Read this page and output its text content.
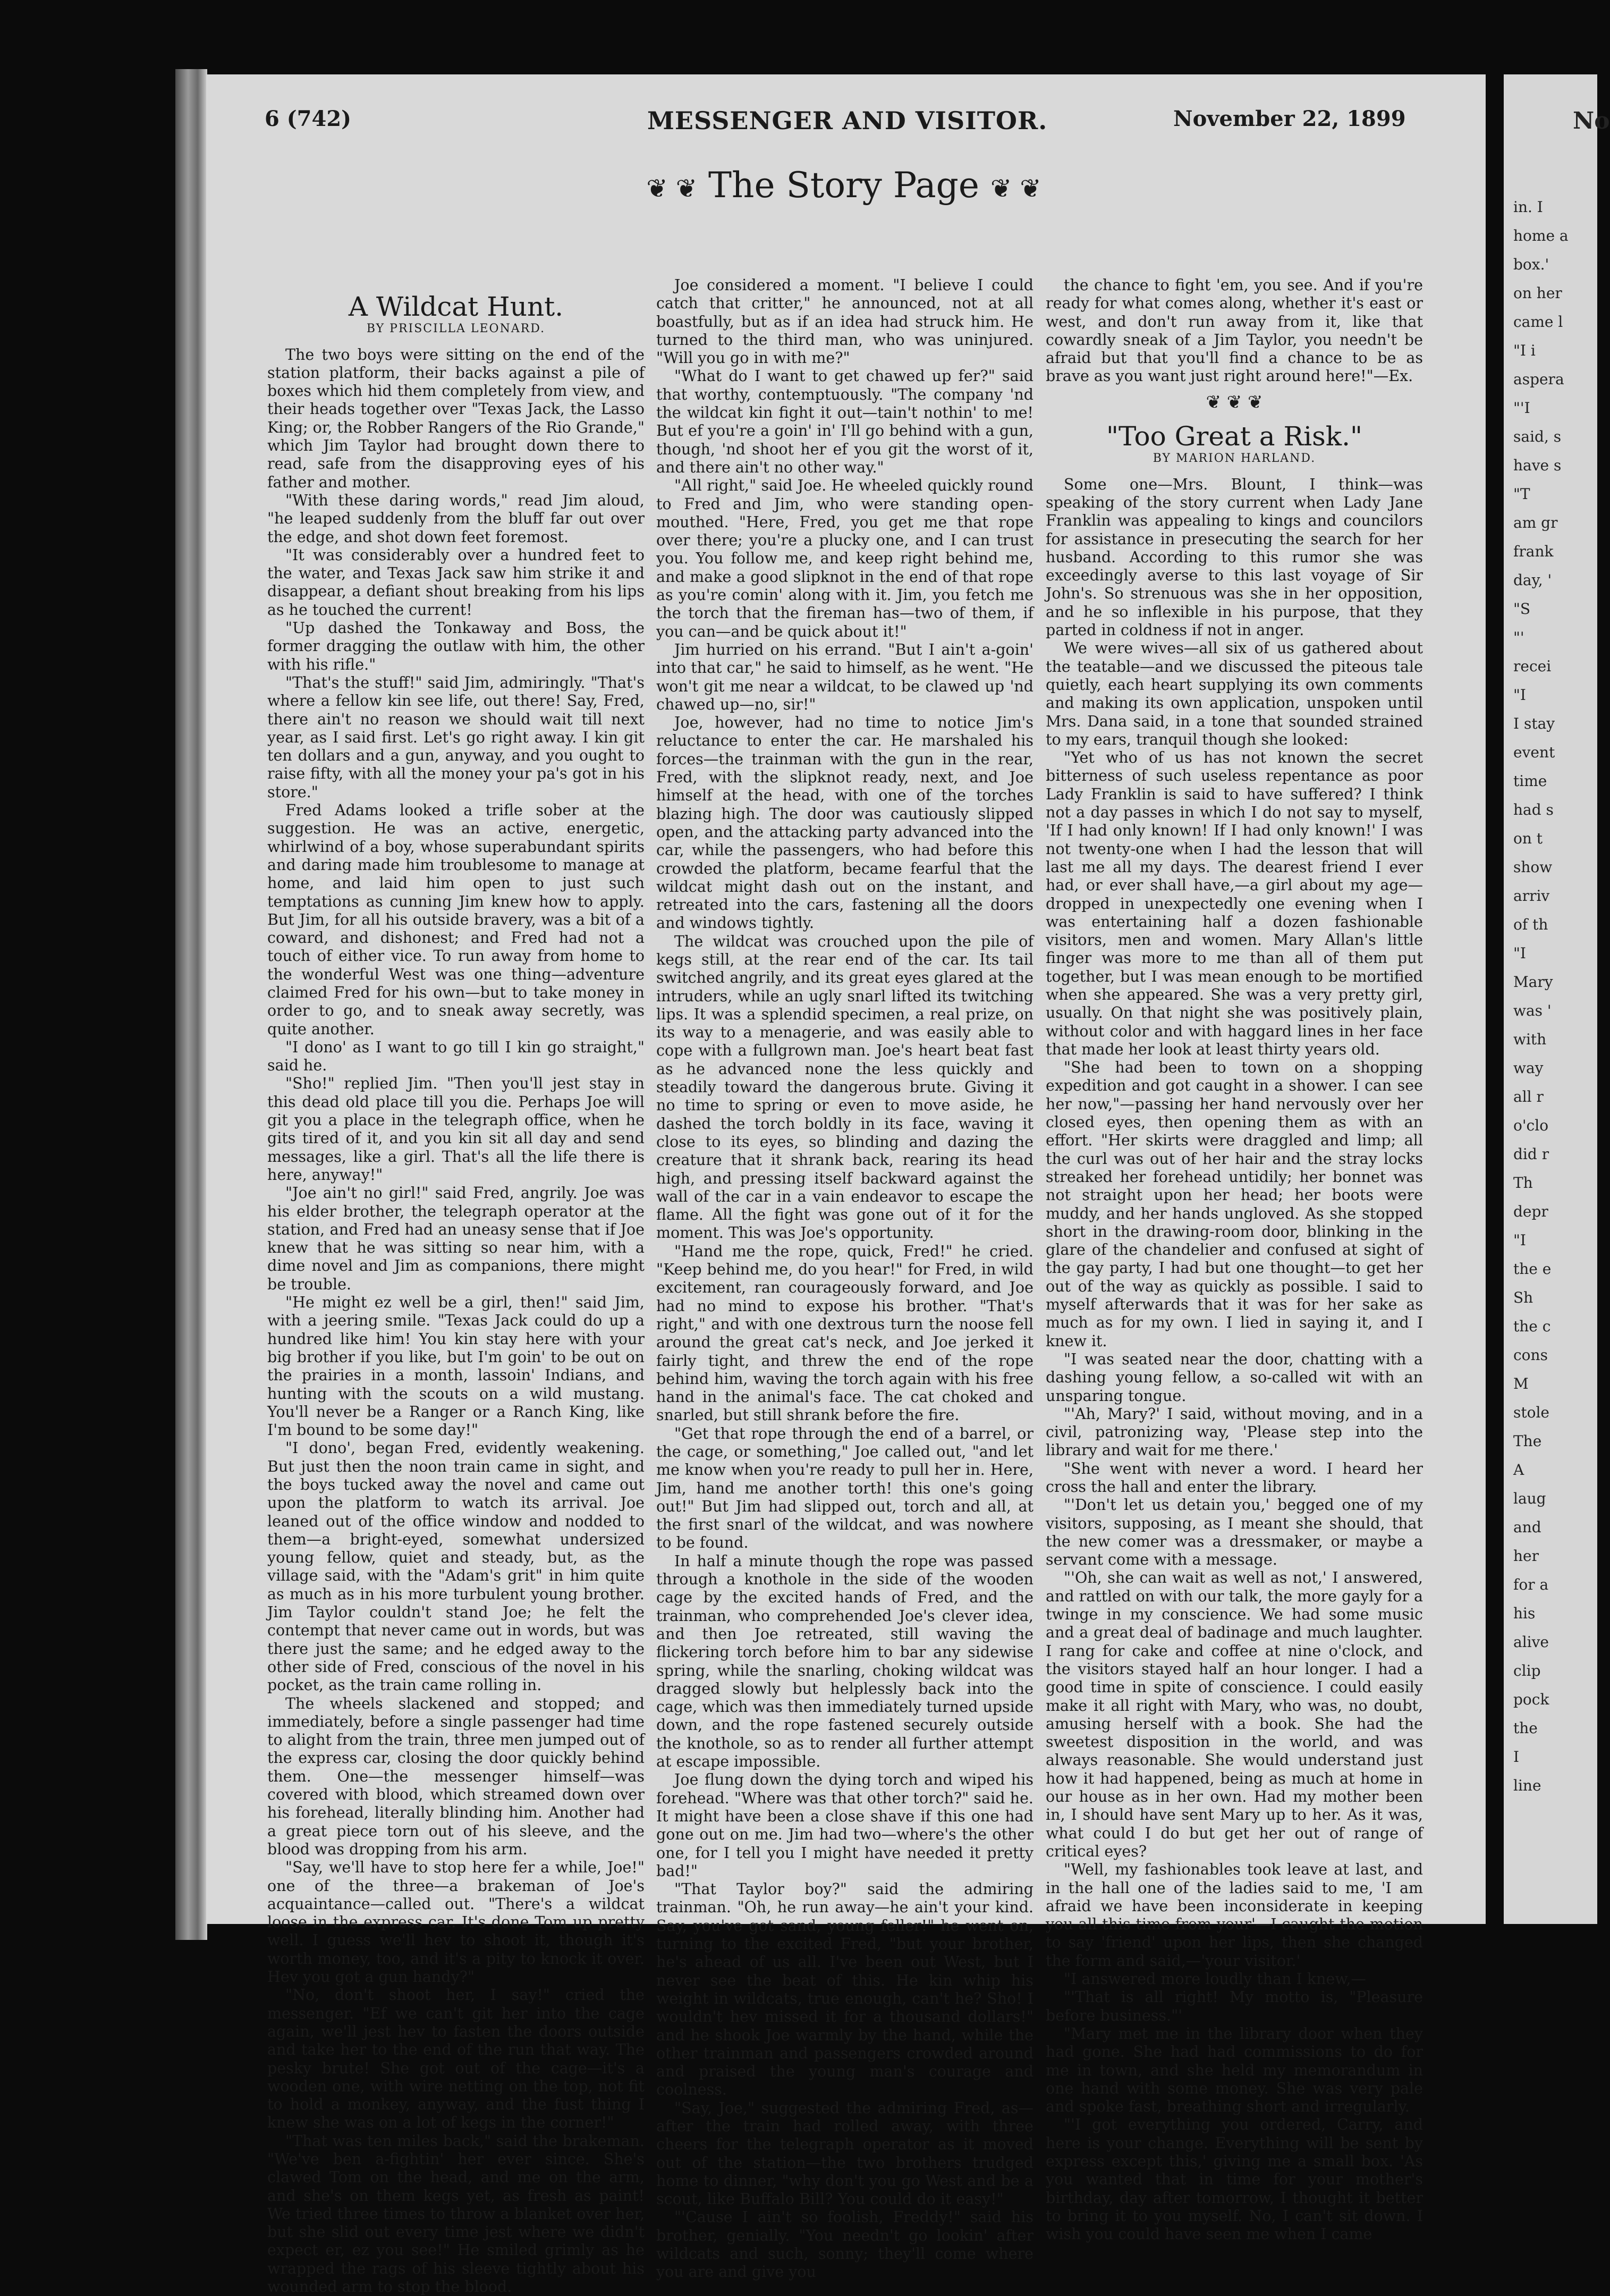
6 (742)	MESSENGER AND VISITOR.	November 22, 1899
❦ ❦ The Story Page ❦ ❦
A Wildcat Hunt.
BY PRISCILLA LEONARD.

The two boys were sitting on the end of the station platform, their backs against a pile of boxes which hid them completely from view, and their heads together over "Texas Jack, the Lasso King; or, the Robber Rangers of the Rio Grande," which Jim Taylor had brought down there to read, safe from the disapproving eyes of his father and mother.

"With these daring words," read Jim aloud, "he leaped suddenly from the bluff far out over the edge, and shot down feet foremost.

"It was considerably over a hundred feet to the water, and Texas Jack saw him strike it and disappear, a defiant shout breaking from his lips as he touched the current!

"Up dashed the Tonkaway and Boss, the former dragging the outlaw with him, the other with his rifle."

"That's the stuff!" said Jim, admiringly. "That's where a fellow kin see life, out there! Say, Fred, there ain't no reason we should wait till next year, as I said first. Let's go right away. I kin git ten dollars and a gun, anyway, and you ought to raise fifty, with all the money your pa's got in his store."

Fred Adams looked a trifle sober at the suggestion. He was an active, energetic, whirlwind of a boy, whose superabundant spirits and daring made him troublesome to manage at home, and laid him open to just such temptations as cunning Jim knew how to apply. But Jim, for all his outside bravery, was a bit of a coward, and dishonest; and Fred had not a touch of either vice. To run away from home to the wonderful West was one thing—adventure claimed Fred for his own—but to take money in order to go, and to sneak away secretly, was quite another.

"I dono' as I want to go till I kin go straight," said he.

"Sho!" replied Jim. "Then you'll jest stay in this dead old place till you die. Perhaps Joe will git you a place in the telegraph office, when he gits tired of it, and you kin sit all day and send messages, like a girl. That's all the life there is here, anyway!"

"Joe ain't no girl!" said Fred, angrily. Joe was his elder brother, the telegraph operator at the station, and Fred had an uneasy sense that if Joe knew that he was sitting so near him, with a dime novel and Jim as companions, there might be trouble.

"He might ez well be a girl, then!" said Jim, with a jeering smile. "Texas Jack could do up a hundred like him! You kin stay here with your big brother if you like, but I'm goin' to be out on the prairies in a month, lassoin' Indians, and hunting with the scouts on a wild mustang. You'll never be a Ranger or a Ranch King, like I'm bound to be some day!"

"I dono', began Fred, evidently weakening. But just then the noon train came in sight, and the boys tucked away the novel and came out upon the platform to watch its arrival. Joe leaned out of the office window and nodded to them—a bright-eyed, somewhat undersized young fellow, quiet and steady, but, as the village said, with the "Adam's grit" in him quite as much as in his more turbulent young brother. Jim Taylor couldn't stand Joe; he felt the contempt that never came out in words, but was there just the same; and he edged away to the other side of Fred, conscious of the novel in his pocket, as the train came rolling in.

The wheels slackened and stopped; and immediately, before a single passenger had time to alight from the train, three men jumped out of the express car, closing the door quickly behind them. One—the messenger himself—was covered with blood, which streamed down over his forehead, literally blinding him. Another had a great piece torn out of his sleeve, and the blood was dropping from his arm.

"Say, we'll have to stop here fer a while, Joe!" one of the three—a brakeman of Joe's acquaintance—called out. "There's a wildcat loose in the express car. It's done Tom up pretty well. I guess we'll hev to shoot it, though it's worth money, too, and it's a pity to knock it over. Hev you got a gun handy?"

"No, don't shoot her, I say!" cried the messenger. "Ef we can't git her into the cage again, we'll jest hev to fasten the doors outside and take her to the end of the run that way. The pesky brute! She got out of the cage—it's a wooden one, with wire netting on the top, not fit to hold a monkey, anyway, and the fust thing I knew she was on a lot of kegs in the corner!"

"That was ten miles back," said the brakeman. "We've ben a-fightin' her ever since. She's clawed Tom on the head, and me on the arm, and she's on them kegs yet, as fresh as paint! We tried three times to throw a blanket over her, but she slid out every time jest where we didn't expect er, ez you see!" He smiled grimly as he wrapped the rags of his sleeve tightly about his wounded arm to stop the blood.

Joe considered a moment. "I believe I could catch that critter," he announced, not at all boastfully, but as if an idea had struck him. He turned to the third man, who was uninjured. "Will you go in with me?"

"What do I want to get chawed up fer?" said that worthy, contemptuously. "The company 'nd the wildcat kin fight it out—tain't nothin' to me! But ef you're a goin' in' I'll go behind with a gun, though, 'nd shoot her ef you git the worst of it, and there ain't no other way."

"All right," said Joe. He wheeled quickly round to Fred and Jim, who were standing open-mouthed. "Here, Fred, you get me that rope over there; you're a plucky one, and I can trust you. You follow me, and keep right behind me, and make a good slipknot in the end of that rope as you're comin' along with it. Jim, you fetch me the torch that the fireman has—two of them, if you can—and be quick about it!"

Jim hurried on his errand. "But I ain't a-goin' into that car," he said to himself, as he went. "He won't git me near a wildcat, to be clawed up 'nd chawed up—no, sir!"

Joe, however, had no time to notice Jim's reluctance to enter the car. He marshaled his forces—the trainman with the gun in the rear, Fred, with the slipknot ready, next, and Joe himself at the head, with one of the torches blazing high. The door was cautiously slipped open, and the attacking party advanced into the car, while the passengers, who had before this crowded the platform, became fearful that the wildcat might dash out on the instant, and retreated into the cars, fastening all the doors and windows tightly.

The wildcat was crouched upon the pile of kegs still, at the rear end of the car. Its tail switched angrily, and its great eyes glared at the intruders, while an ugly snarl lifted its twitching lips. It was a splendid specimen, a real prize, on its way to a menagerie, and was easily able to cope with a fullgrown man. Joe's heart beat fast as he advanced none the less quickly and steadily toward the dangerous brute. Giving it no time to spring or even to move aside, he dashed the torch boldly in its face, waving it close to its eyes, so blinding and dazing the creature that it shrank back, rearing its head high, and pressing itself backward against the wall of the car in a vain endeavor to escape the flame. All the fight was gone out of it for the moment. This was Joe's opportunity.

"Hand me the rope, quick, Fred!" he cried. "Keep behind me, do you hear!" for Fred, in wild excitement, ran courageously forward, and Joe had no mind to expose his brother. "That's right," and with one dextrous turn the noose fell around the great cat's neck, and Joe jerked it fairly tight, and threw the end of the rope behind him, waving the torch again with his free hand in the animal's face. The cat choked and snarled, but still shrank before the fire.

"Get that rope through the end of a barrel, or the cage, or something," Joe called out, "and let me know when you're ready to pull her in. Here, Jim, hand me another torth! this one's going out!" But Jim had slipped out, torch and all, at the first snarl of the wildcat, and was nowhere to be found.

In half a minute though the rope was passed through a knothole in the side of the wooden cage by the excited hands of Fred, and the trainman, who comprehended Joe's clever idea, and then Joe retreated, still waving the flickering torch before him to bar any sidewise spring, while the snarling, choking wildcat was dragged slowly but helplessly back into the cage, which was then immediately turned upside down, and the rope fastened securely outside the knothole, so as to render all further attempt at escape impossible.

Joe flung down the dying torch and wiped his forehead. "Where was that other torch?" said he. It might have been a close shave if this one had gone out on me. Jim had two—where's the other one, for I tell you I might have needed it pretty bad!"

"That Taylor boy?" said the admiring trainman. "Oh, he run away—he ain't your kind. Say, you've got sand, young feller!" he went on, turning to the excited Fred, "but your brother, he's ahead of us all. I've been out West, but I never see the beat of this. He kin whip his weight in wildcats, true enough, can't he? Sho! I wouldn't hev missed it for a thousand dollars!" and he shook Joe warmly by the hand, while the other trainman and passengers crowded around and praised the young man's courage and coolness.

"Say, Joe," suggested the admiring Fred, as—after the train had rolled away, with three cheers for the telegraph operator as it moved out of the station—the two brothers trudged home to dinner, "why don't you go West and be a scout, like Buffalo Bill? You could do it easy!"

"'Cause I ain't so foolish, Freddy!" said his brother, genially. "You needn't go lookin' after wildcats and such, sonny; they'll come where you are and give you

the chance to fight 'em, you see. And if you're ready for what comes along, whether it's east or west, and don't run away from it, like that cowardly sneak of a Jim Taylor, you needn't be afraid but that you'll find a chance to be as brave as you want just right around here!"—Ex.

❦ ❦ ❦
"Too Great a Risk."
BY MARION HARLAND.

Some one—Mrs. Blount, I think—was speaking of the story current when Lady Jane Franklin was appealing to kings and councilors for assistance in presecuting the search for her husband. According to this rumor she was exceedingly averse to this last voyage of Sir John's. So strenuous was she in her opposition, and he so inflexible in his purpose, that they parted in coldness if not in anger.

We were wives—all six of us gathered about the teatable—and we discussed the piteous tale quietly, each heart supplying its own comments and making its own application, unspoken until Mrs. Dana said, in a tone that sounded strained to my ears, tranquil though she looked:

"Yet who of us has not known the secret bitterness of such useless repentance as poor Lady Franklin is said to have suffered? I think not a day passes in which I do not say to myself, 'If I had only known! If I had only known!' I was not twenty-one when I had the lesson that will last me all my days. The dearest friend I ever had, or ever shall have,—a girl about my age—dropped in unexpectedly one evening when I was entertaining half a dozen fashionable visitors, men and women. Mary Allan's little finger was more to me than all of them put together, but I was mean enough to be mortified when she appeared. She was a very pretty girl, usually. On that night she was positively plain, without color and with haggard lines in her face that made her look at least thirty years old.

"She had been to town on a shopping expedition and got caught in a shower. I can see her now,"—passing her hand nervously over her closed eyes, then opening them as with an effort. "Her skirts were draggled and limp; all the curl was out of her hair and the stray locks streaked her forehead untidily; her bonnet was not straight upon her head; her boots were muddy, and her hands ungloved. As she stopped short in the drawing-room door, blinking in the glare of the chandelier and confused at sight of the gay party, I had but one thought—to get her out of the way as quickly as possible. I said to myself afterwards that it was for her sake as much as for my own. I lied in saying it, and I knew it.

"I was seated near the door, chatting with a dashing young fellow, a so-called wit with an unsparing tongue.

"'Ah, Mary?' I said, without moving, and in a civil, patronizing way, 'Please step into the library and wait for me there.'

"She went with never a word. I heard her cross the hall and enter the library.

"'Don't let us detain you,' begged one of my visitors, supposing, as I meant she should, that the new comer was a dressmaker, or maybe a servant come with a message.

"'Oh, she can wait as well as not,' I answered, and rattled on with our talk, the more gayly for a twinge in my conscience. We had some music and a great deal of badinage and much laughter. I rang for cake and coffee at nine o'clock, and the visitors stayed half an hour longer. I had a good time in spite of conscience. I could easily make it all right with Mary, who was, no doubt, amusing herself with a book. She had the sweetest disposition in the world, and was always reasonable. She would understand just how it had happened, being as much at home in our house as in her own. Had my mother been in, I should have sent Mary up to her. As it was, what could I do but get her out of range of critical eyes?

"Well, my fashionables took leave at last, and in the hall one of the ladies said to me, 'I am afraid we have been inconsiderate in keeping you all this time from your'—I caught the motion to say 'friend' upon her lips, then she changed the form and said,—'your visitor.'

"I answered more loudly than I knew,—

"'That is all right! My motto is, "Pleasure before business."'

"Mary met me in the library door when they had gone. She had had commissions to do for me in town, and she held my memorandum in one hand with some money. She was very pale and spoke fast, breathing short and irregularly.

"'I got everything you ordered, Carry, and here is your change. Everything will be sent by express except this,' giving me a small box. 'As you wanted that in time for your mother's birthday, day after tomorrow, I thought it better to bring it to you myself. No, I can't sit down. I wish you could have seen me when I came

No
in. I
home a
box.'
on her
came l
"I i
aspera
"'I
said, s
have s
"T
am gr
frank
day, '
"S
"'
recei
"I
I stay
event
time
had s
on t
show
arriv
of th
"I
Mary
was '
with
way
all r
o'clo
did r
Th
depr
"I
the e
Sh
the c
cons
M
stole
The
A
laug
and
her
for a
his
alive
clip
pock
the
I
line
